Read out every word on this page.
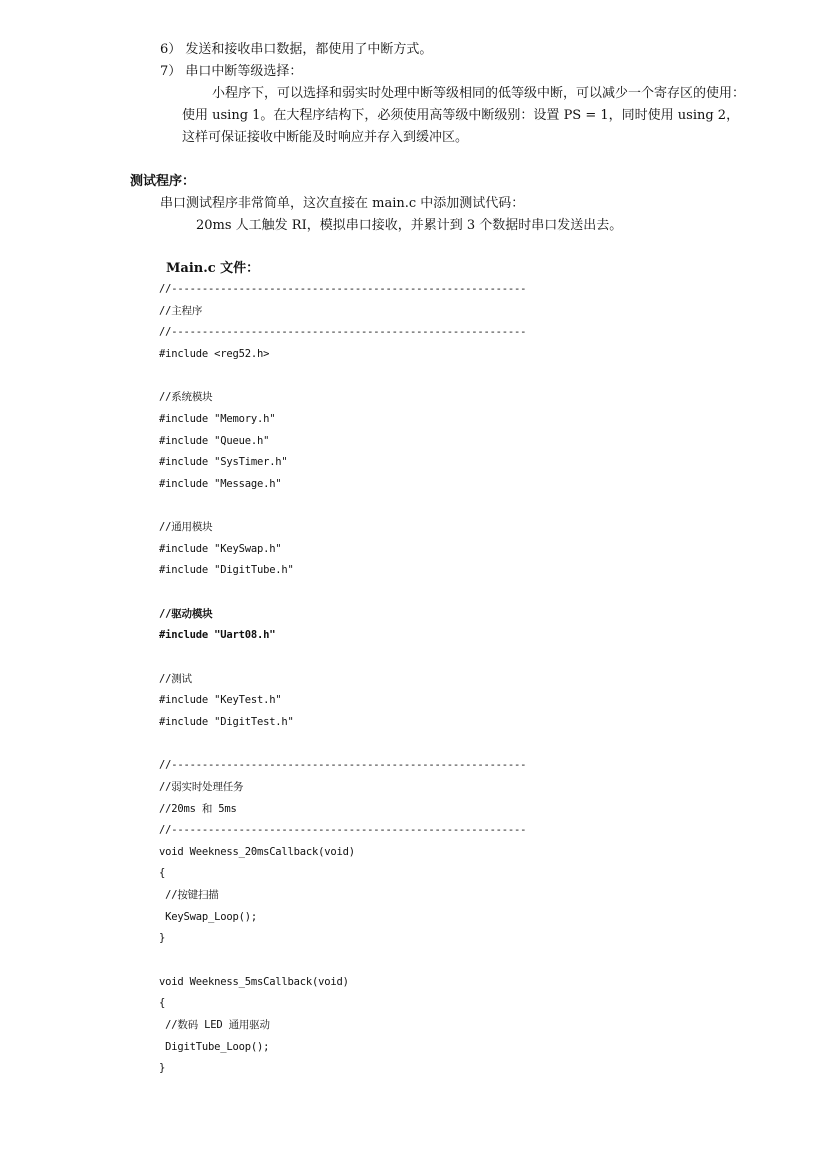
6） 发送和接收串口数据，都使用了中断方式。
7） 串口中断等级选择：
小程序下，可以选择和弱实时处理中断等级相同的低等级中断，可以减少一个寄存区的使用：
使用 using 1。在大程序结构下，必须使用高等级中断级别：设置 PS = 1，同时使用 using 2，
这样可保证接收中断能及时响应并存入到缓冲区。
测试程序：
串口测试程序非常简单，这次直接在 main.c 中添加测试代码：
20ms 人工触发 RI，模拟串口接收，并累计到 3 个数据时串口发送出去。
Main.c 文件：
//----------------------------------------------------------
//主程序
//----------------------------------------------------------
#include <reg52.h>
//系统模块
#include "Memory.h"
#include "Queue.h"
#include "SysTimer.h"
#include "Message.h"
//通用模块
#include "KeySwap.h"
#include "DigitTube.h"
//驱动模块
#include "Uart08.h"
//测试
#include "KeyTest.h"
#include "DigitTest.h"
//----------------------------------------------------------
//弱实时处理任务
//20ms 和 5ms
//----------------------------------------------------------
void Weekness_20msCallback(void)
{
//按键扫描
KeySwap_Loop();
}
void Weekness_5msCallback(void)
{
//数码 LED 通用驱动
DigitTube_Loop();
}
